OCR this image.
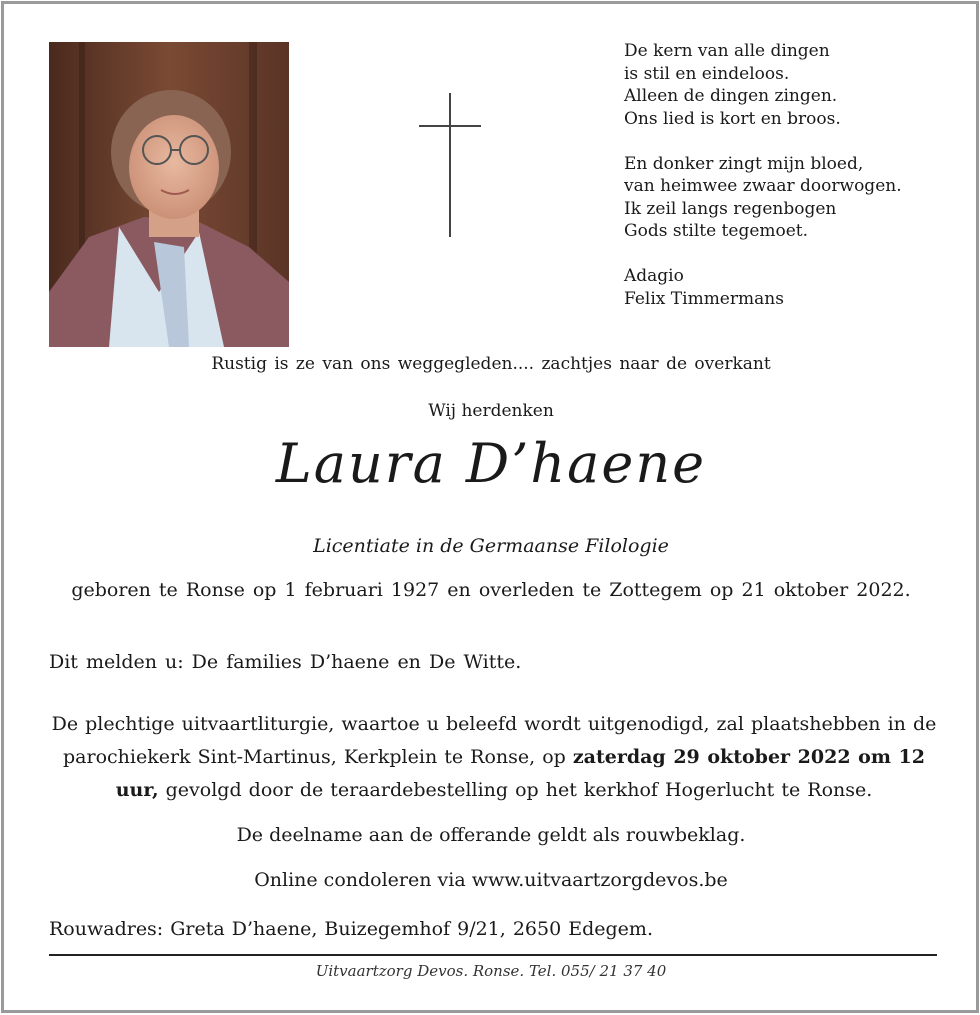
De kern van alle dingen
is stil en eindeloos.
Alleen de dingen zingen.
Ons lied is kort en broos.
En donker zingt mijn bloed,
van heimwee zwaar doorwogen.
Ik zeil langs regenbogen
Gods stilte tegemoet.
Adagio
Felix Timmermans
Rustig is ze van ons weggegleden.... zachtjes naar de overkant
Wij herdenken
Laura D’haene
Licentiate in de Germaanse Filologie
geboren te Ronse op 1 februari 1927 en overleden te Zottegem op 21 oktober 2022.
Dit melden u: De families D’haene en De Witte.
De plechtige uitvaartliturgie, waartoe u beleefd wordt uitgenodigd, zal plaatshebben in de parochiekerk Sint-Martinus, Kerkplein te Ronse, op zaterdag 29 oktober 2022 om 12 uur, gevolgd door de teraardebestelling op het kerkhof Hogerlucht te Ronse.
De deelname aan de offerande geldt als rouwbeklag.
Online condoleren via www.uitvaartzorgdevos.be
Rouwadres: Greta D’haene, Buizegemhof 9/21, 2650 Edegem.
Uitvaartzorg Devos. Ronse. Tel. 055/ 21 37 40
